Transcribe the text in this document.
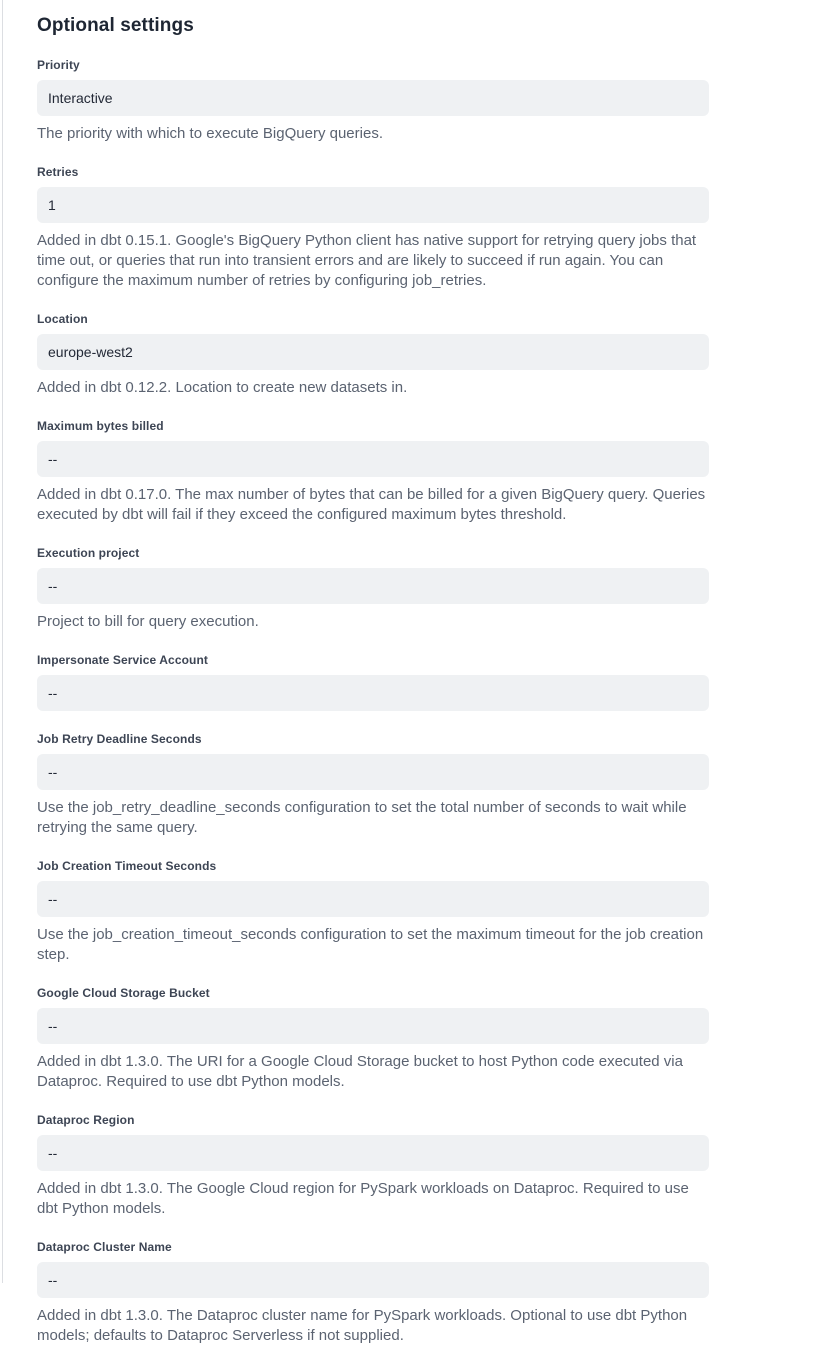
Optional settings
Priority
Interactive

The priority with which to execute BigQuery queries.

Retries
1

Added in dbt 0.15.1. Google's BigQuery Python client has native support for retrying query jobs that time out, or queries that run into transient errors and are likely to succeed if run again. You can configure the maximum number of retries by configuring job_retries.

Location
europe-west2

Added in dbt 0.12.2. Location to create new datasets in.

Maximum bytes billed
--

Added in dbt 0.17.0. The max number of bytes that can be billed for a given BigQuery query. Queries executed by dbt will fail if they exceed the configured maximum bytes threshold.

Execution project
--

Project to bill for query execution.

Impersonate Service Account
--
Job Retry Deadline Seconds
--

Use the job_retry_deadline_seconds configuration to set the total number of seconds to wait while retrying the same query.

Job Creation Timeout Seconds
--

Use the job_creation_timeout_seconds configuration to set the maximum timeout for the job creation step.

Google Cloud Storage Bucket
--

Added in dbt 1.3.0. The URI for a Google Cloud Storage bucket to host Python code executed via Dataproc. Required to use dbt Python models.

Dataproc Region
--

Added in dbt 1.3.0. The Google Cloud region for PySpark workloads on Dataproc. Required to use dbt Python models.

Dataproc Cluster Name
--

Added in dbt 1.3.0. The Dataproc cluster name for PySpark workloads. Optional to use dbt Python models; defaults to Dataproc Serverless if not supplied.
